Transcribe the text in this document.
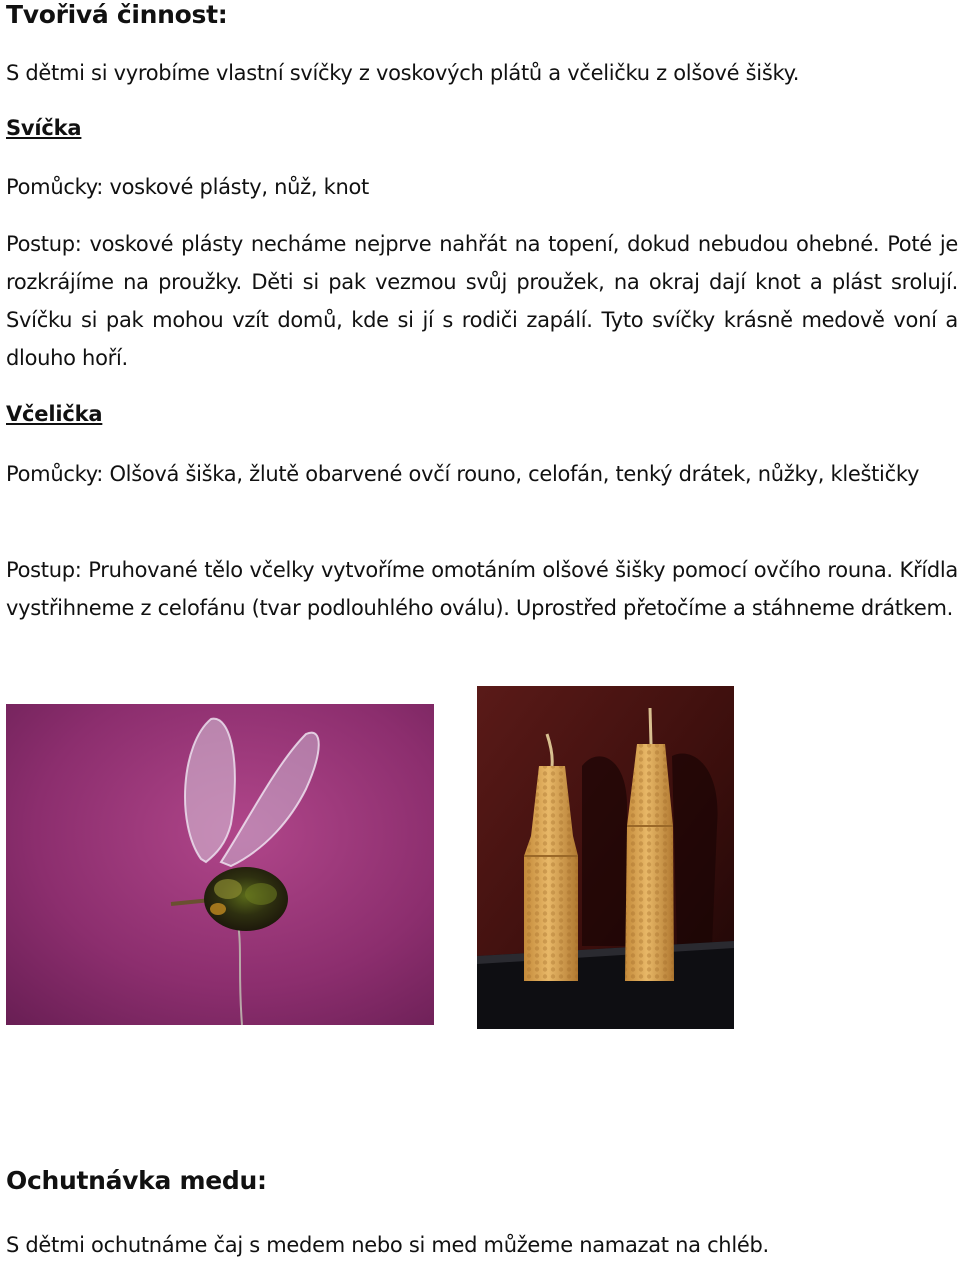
Tvořivá činnost:
S dětmi si vyrobíme vlastní svíčky z voskových plátů a včeličku z olšové šišky.
Svíčka
Pomůcky: voskové plásty, nůž, knot
Postup: voskové plásty necháme nejprve nahřát na topení, dokud nebudou ohebné. Poté je rozkrájíme na proužky. Děti si pak vezmou svůj proužek, na okraj dají knot a plást srolují. Svíčku si pak mohou vzít domů, kde si jí s rodiči zapálí. Tyto svíčky krásně medově voní a dlouho hoří.
Včelička
Pomůcky: Olšová šiška, žlutě obarvené ovčí rouno, celofán, tenký drátek, nůžky, kleštičky
Postup: Pruhované tělo včelky vytvoříme omotáním olšové šišky pomocí ovčího rouna. Křídla vystřihneme z celofánu (tvar podlouhlého oválu). Uprostřed přetočíme a stáhneme drátkem.
Ochutnávka medu:
S dětmi ochutnáme čaj s medem nebo si med můžeme namazat na chléb.
